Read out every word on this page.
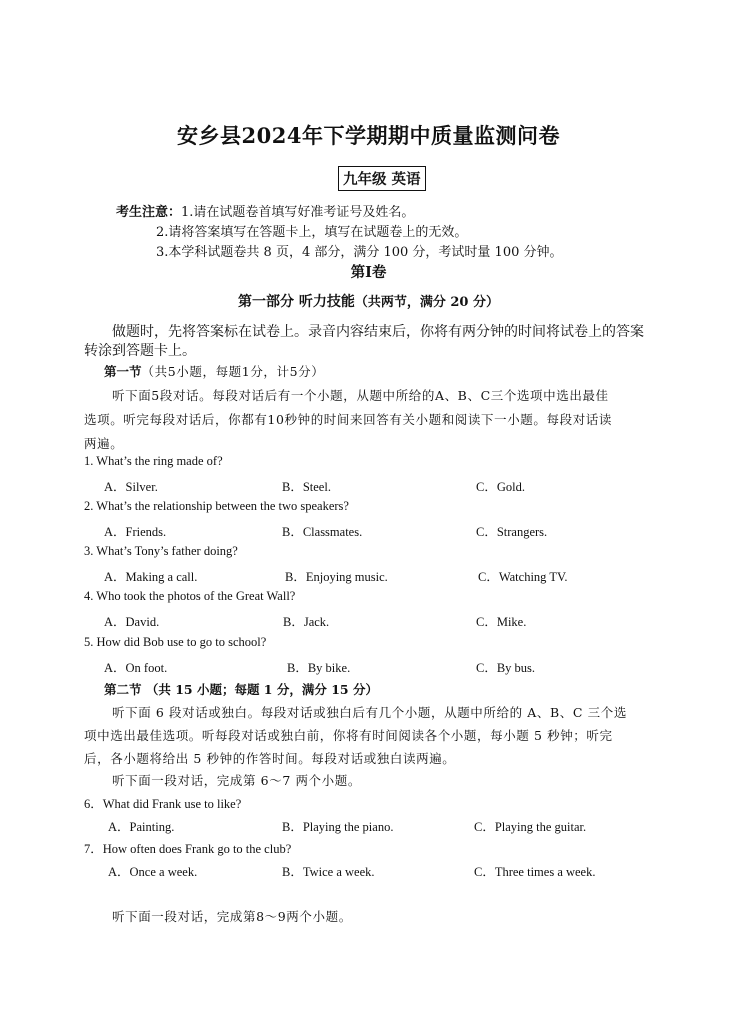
安乡县2024年下学期期中质量监测问卷
九年级 英语
考生注意：1.请在试题卷首填写好准考证号及姓名。
2.请将答案填写在答题卡上，填写在试题卷上的无效。
3.本学科试题卷共 8 页，4 部分，满分 100 分，考试时量 100 分钟。
第Ⅰ卷
第一部分 听力技能（共两节，满分 20 分）
做题时，先将答案标在试卷上。录音内容结束后，你将有两分钟的时间将试卷上的答案
转涂到答题卡上。
第一节（共5小题，每题1分，计5分）
听下面5段对话。每段对话后有一个小题，从题中所给的A、B、C三个选项中选出最佳
选项。听完每段对话后，你都有10秒钟的时间来回答有关小题和阅读下一小题。每段对话读
两遍。
1. What’s the ring made of?
A．Silver.	B．Steel.	C．Gold.
2. What’s the relationship between the two speakers?
A．Friends.	B．Classmates.	C．Strangers.
3. What’s Tony’s father doing?
A．Making a call.	B．Enjoying music.	C．Watching TV.
4. Who took the photos of the Great Wall?
A．David.	B．Jack.	C．Mike.
5. How did Bob use to go to school?
A．On foot.	B．By bike.	C．By bus.
第二节 （共 15 小题；每题 1 分，满分 15 分）
听下面 6 段对话或独白。每段对话或独白后有几个小题，从题中所给的 A、B、C 三个选
项中选出最佳选项。听每段对话或独白前，你将有时间阅读各个小题，每小题 5 秒钟；听完
后，各小题将给出 5 秒钟的作答时间。每段对话或独白读两遍。
听下面一段对话，完成第 6～7 两个小题。
6．What did Frank use to like?
A．Painting.	B．Playing the piano.	C．Playing the guitar.
7．How often does Frank go to the club?
A．Once a week.	B．Twice a week.	C．Three times a week.
听下面一段对话，完成第8～9两个小题。
